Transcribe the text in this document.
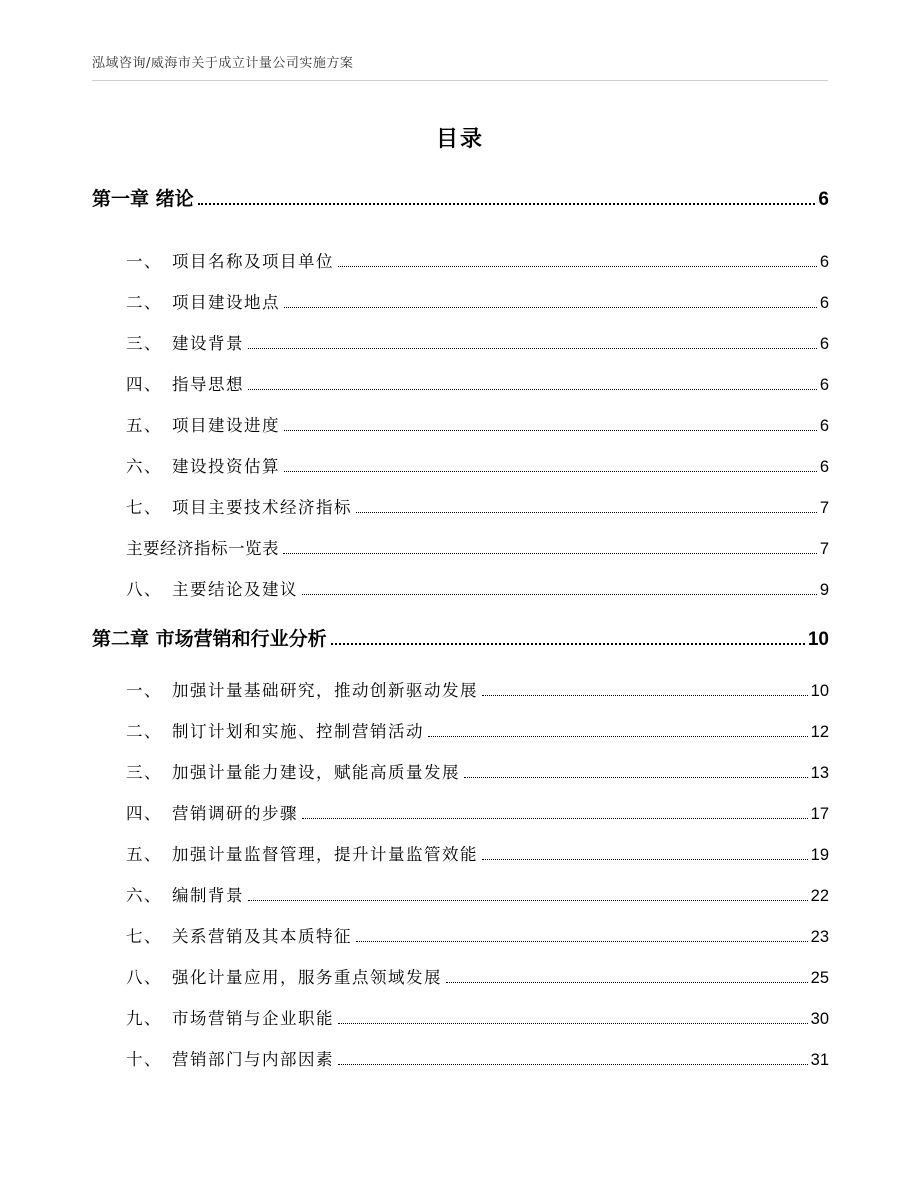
泓域咨询/威海市关于成立计量公司实施方案
目录
第一章 绪论	6
一、 项目名称及项目单位	6
二、 项目建设地点	6
三、 建设背景	6
四、 指导思想	6
五、 项目建设进度	6
六、 建设投资估算	6
七、 项目主要技术经济指标	7
主要经济指标一览表	7
八、 主要结论及建议	9
第二章 市场营销和行业分析	10
一、 加强计量基础研究，推动创新驱动发展	10
二、 制订计划和实施、控制营销活动	12
三、 加强计量能力建设，赋能高质量发展	13
四、 营销调研的步骤	17
五、 加强计量监督管理，提升计量监管效能	19
六、 编制背景	22
七、 关系营销及其本质特征	23
八、 强化计量应用，服务重点领域发展	25
九、 市场营销与企业职能	30
十、 营销部门与内部因素	31
